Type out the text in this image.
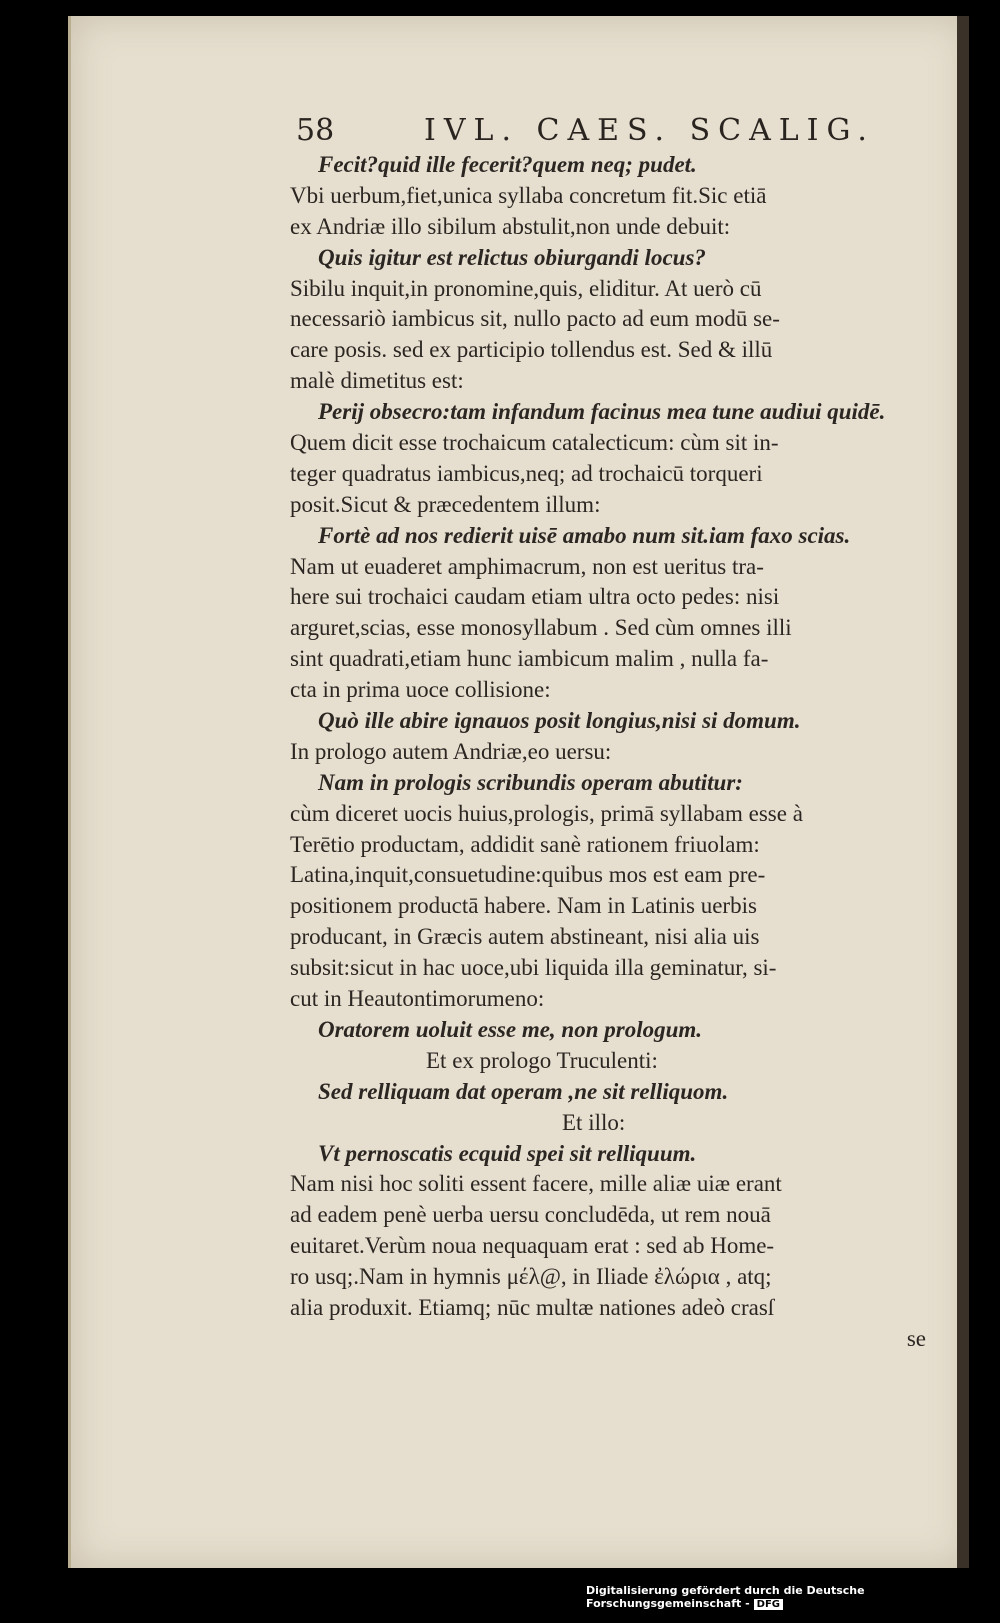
58	IVL. CAES. SCALIG.
Fecit?quid ille fecerit?quem neq; pudet.
Vbi uerbum,fiet,unica syllaba concretum fit.Sic etiā
ex Andriæ illo sibilum abstulit,non unde debuit:
Quis igitur est relictus obiurgandi locus?
Sibilu inquit,in pronomine,quis, eliditur. At uerò cū
necessariò iambicus sit, nullo pacto ad eum modū se-
care posis. sed ex participio tollendus est. Sed & illū
malè dimetitus est:
Perij obsecro:tam infandum facinus mea tune audiui quidē.
Quem dicit esse trochaicum catalecticum: cùm sit in-
teger quadratus iambicus,neq; ad trochaicū torqueri
posit.Sicut & præcedentem illum:
Fortè ad nos redierit uisē amabo num sit.iam faxo scias.
Nam ut euaderet amphimacrum, non est ueritus tra-
here sui trochaici caudam etiam ultra octo pedes: nisi
arguret,scias, esse monosyllabum . Sed cùm omnes illi
sint quadrati,etiam hunc iambicum malim , nulla fa-
cta in prima uoce collisione:
Quò ille abire ignauos posit longius,nisi si domum.
In prologo autem Andriæ,eo uersu:
Nam in prologis scribundis operam abutitur:
cùm diceret uocis huius,prologis, primā syllabam esse à
Terētio productam, addidit sanè rationem friuolam:
Latina,inquit,consuetudine:quibus mos est eam pre-
positionem productā habere. Nam in Latinis uerbis
producant, in Græcis autem abstineant, nisi alia uis
subsit:sicut in hac uoce,ubi liquida illa geminatur, si-
cut in Heautontimorumeno:
Oratorem uoluit esse me, non prologum.
Et ex prologo Truculenti:
Sed relliquam dat operam ,ne sit relliquom.
Et illo:
Vt pernoscatis ecquid spei sit relliquum.
Nam nisi hoc soliti essent facere, mille aliæ uiæ erant
ad eadem penè uerba uersu concludēda, ut rem nouā
euitaret.Verùm noua nequaquam erat : sed ab Home-
ro usq;.Nam in hymnis μέλ@, in Iliade ἐλώρια , atq;
alia produxit. Etiamq; nūc multæ nationes adeò crasſ
se
Digitalisierung gefördert durch die Deutsche Forschungsgemeinschaft - DFG
